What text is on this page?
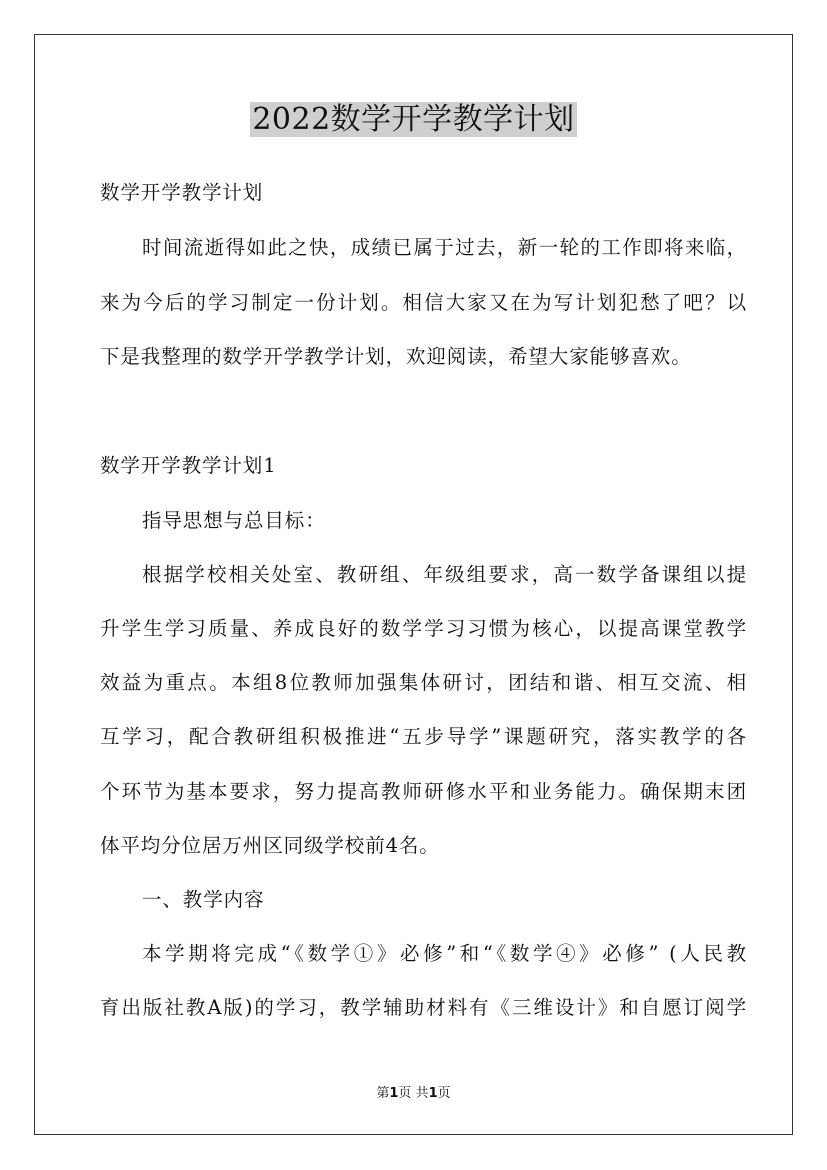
2022数学开学教学计划
数学开学教学计划
时间流逝得如此之快，成绩已属于过去，新一轮的工作即将来临，
来为今后的学习制定一份计划。相信大家又在为写计划犯愁了吧？以
下是我整理的数学开学教学计划，欢迎阅读，希望大家能够喜欢。
数学开学教学计划1
指导思想与总目标：
根据学校相关处室、教研组、年级组要求，高一数学备课组以提
升学生学习质量、养成良好的数学学习习惯为核心，以提高课堂教学
效益为重点。本组8位教师加强集体研讨，团结和谐、相互交流、相
互学习，配合教研组积极推进“五步导学”课题研究，落实教学的各
个环节为基本要求，努力提高教师研修水平和业务能力。确保期末团
体平均分位居万州区同级学校前4名。
一、教学内容
本学期将完成“《数学①》必修”和“《数学④》必修” (人民教
育出版社教A版)的学习，教学辅助材料有《三维设计》和自愿订阅学
第1页 共1页
